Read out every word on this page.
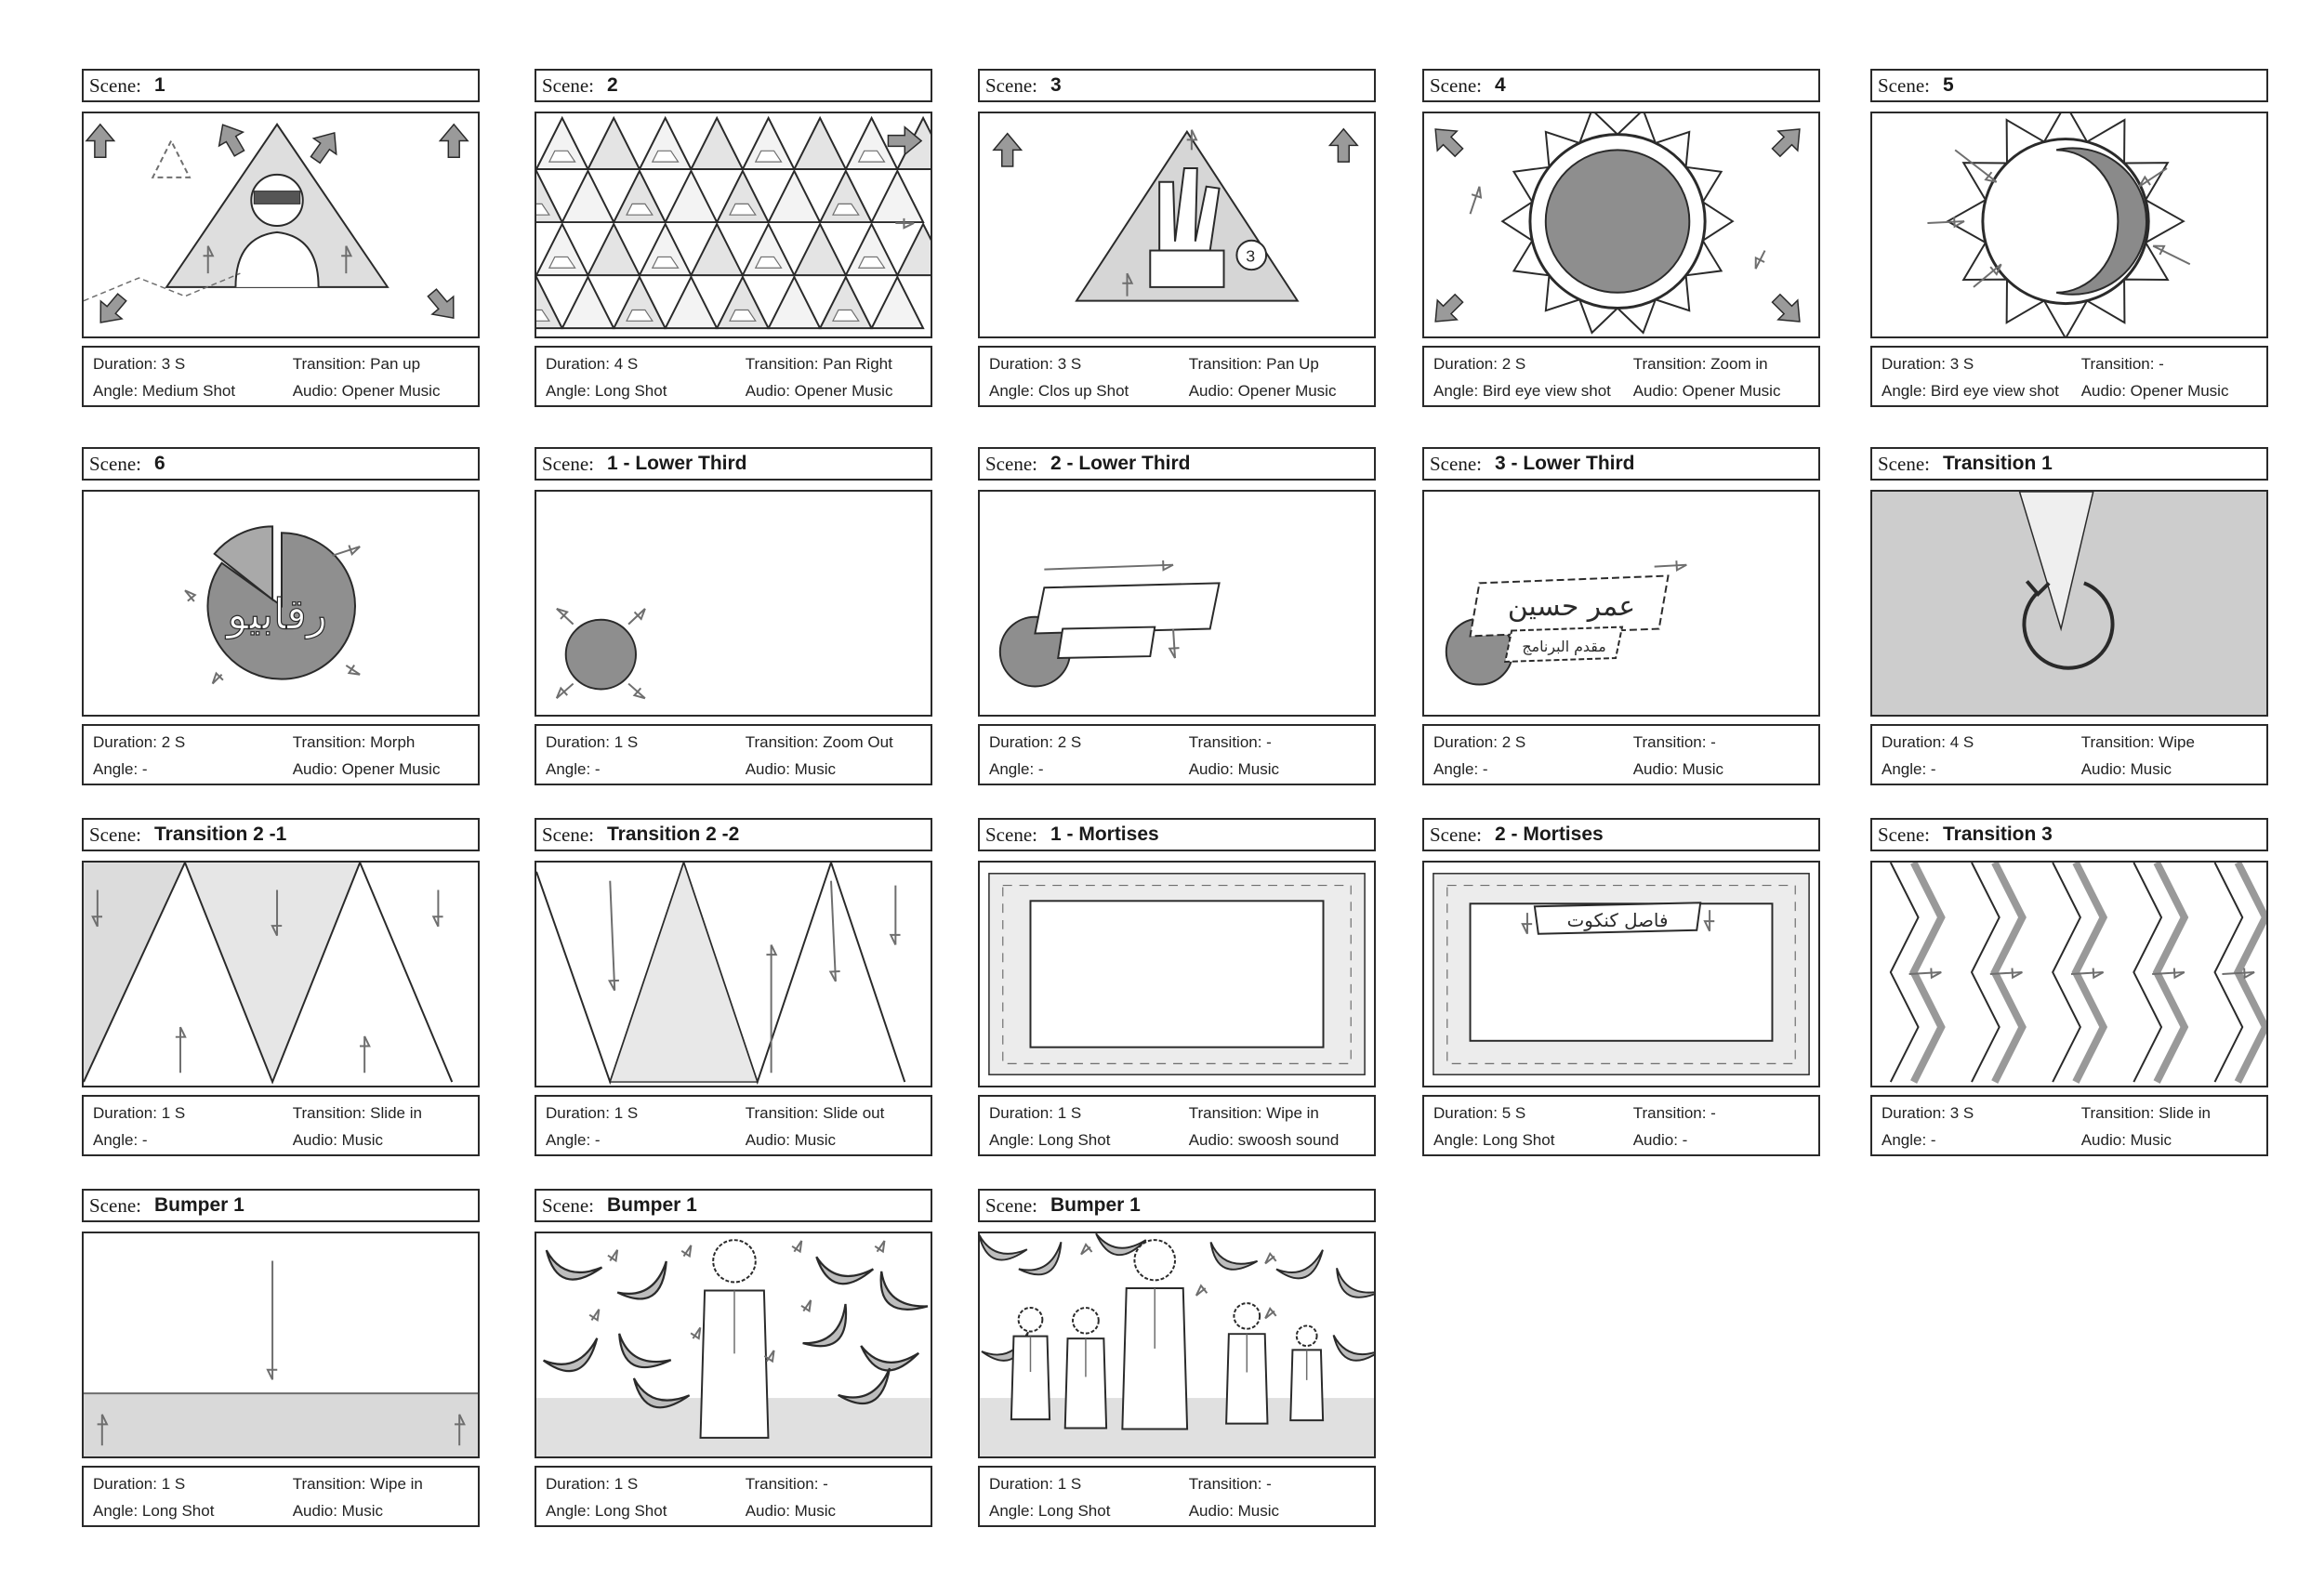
Scene: 1
Duration: 3 S
Angle: Medium Shot
Transition: Pan up
Audio: Opener Music
Scene: 2
Duration: 4 S
Angle: Long Shot
Transition: Pan Right
Audio: Opener Music
Scene: 3
3
Duration: 3 S
Angle: Clos up Shot
Transition: Pan Up
Audio: Opener Music
Scene: 4
Duration: 2 S
Angle: Bird eye view shot
Transition: Zoom in
Audio: Opener Music
Scene: 5
Duration: 3 S
Angle: Bird eye view shot
Transition: -
Audio: Opener Music
Scene: 6
رقابيو
Duration: 2 S
Angle: -
Transition: Morph
Audio: Opener Music
Scene: 1 - Lower Third
Duration: 1 S
Angle: -
Transition: Zoom Out
Audio: Music
Scene: 2 - Lower Third
Duration: 2 S
Angle: -
Transition: -
Audio: Music
Scene: 3 - Lower Third
عمر حسين
مقدم البرنامج
Duration: 2 S
Angle: -
Transition: -
Audio: Music
Scene: Transition 1
Duration: 4 S
Angle: -
Transition: Wipe
Audio: Music
Scene: Transition 2 -1
Duration: 1 S
Angle: -
Transition: Slide in
Audio: Music
Scene: Transition 2 -2
Duration: 1 S
Angle: -
Transition: Slide out
Audio: Music
Scene: 1 - Mortises
Duration: 1 S
Angle: Long Shot
Transition: Wipe in
Audio: swoosh sound
Scene: 2 - Mortises
فاصل كنكوت
Duration: 5 S
Angle: Long Shot
Transition: -
Audio: -
Scene: Transition 3
Duration: 3 S
Angle: -
Transition: Slide in
Audio: Music
Scene: Bumper 1
Duration: 1 S
Angle: Long Shot
Transition: Wipe in
Audio: Music
Scene: Bumper 1
Duration: 1 S
Angle: Long Shot
Transition: -
Audio: Music
Scene: Bumper 1
Duration: 1 S
Angle: Long Shot
Transition: -
Audio: Music
